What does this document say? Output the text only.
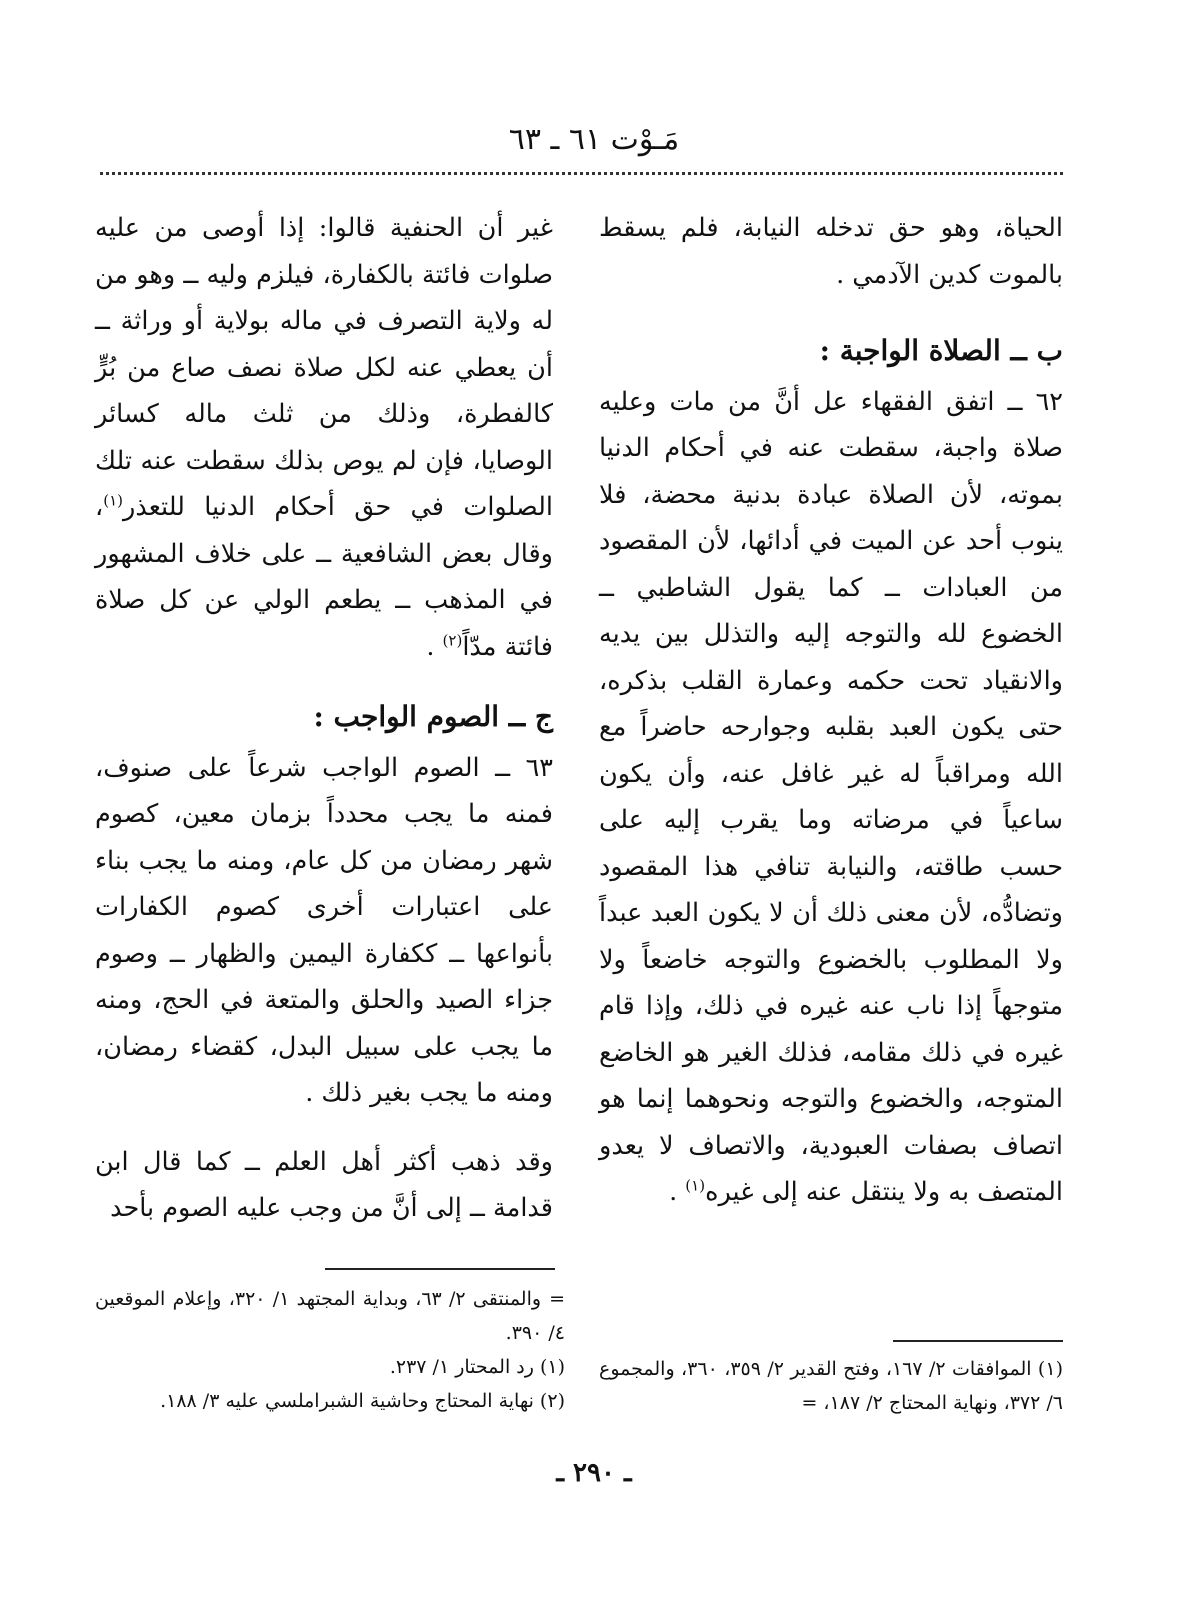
مَـوْت ٦١ ـ ٦٣

الحياة، وهو حق تدخله النيابة، فلم يسقط بالموت كدين الآدمي .

ب ــ الصلاة الواجبة :

٦٢ ــ اتفق الفقهاء عل أنَّ من مات وعليه صلاة واجبة، سقطت عنه في أحكام الدنيا بموته، لأن الصلاة عبادة بدنية محضة، فلا ينوب أحد عن الميت في أدائها، لأن المقصود من العبادات ــ كما يقول الشاطبي ــ الخضوع لله والتوجه إليه والتذلل بين يديه والانقياد تحت حكمه وعمارة القلب بذكره، حتى يكون العبد بقلبه وجوارحه حاضراً مع الله ومراقباً له غير غافل عنه، وأن يكون ساعياً في مرضاته وما يقرب إليه على حسب طاقته، والنيابة تنافي هذا المقصود وتضادُّه، لأن معنى ذلك أن لا يكون العبد عبداً ولا المطلوب بالخضوع والتوجه خاضعاً ولا متوجهاً إذا ناب عنه غيره في ذلك، وإذا قام غيره في ذلك مقامه، فذلك الغير هو الخاضع المتوجه، والخضوع والتوجه ونحوهما إنما هو اتصاف بصفات العبودية، والاتصاف لا يعدو المتصف به ولا ينتقل عنه إلى غيره$^{(١)}$ .

غير أن الحنفية قالوا: إذا أوصى من عليه صلوات فائتة بالكفارة، فيلزم وليه ــ وهو من له ولاية التصرف في ماله بولاية أو وراثة ــ أن يعطي عنه لكل صلاة نصف صاع من بُرٍّ كالفطرة، وذلك من ثلث ماله كسائر الوصايا، فإن لم يوص بذلك سقطت عنه تلك الصلوات في حق أحكام الدنيا للتعذر$^{(١)}$، وقال بعض الشافعية ــ على خلاف المشهور في المذهب ــ يطعم الولي عن كل صلاة فائتة مدّاً$^{(٢)}$ .

ج ــ الصوم الواجب :

٦٣ ــ الصوم الواجب شرعاً على صنوف، فمنه ما يجب محدداً بزمان معين، كصوم شهر رمضان من كل عام، ومنه ما يجب بناء على اعتبارات أخرى كصوم الكفارات بأنواعها ــ ككفارة اليمين والظهار ــ وصوم جزاء الصيد والحلق والمتعة في الحج، ومنه ما يجب على سبيل البدل، كقضاء رمضان، ومنه ما يجب بغير ذلك .

وقد ذهب أكثر أهل العلم ــ كما قال ابن قدامة ــ إلى أنَّ من وجب عليه الصوم بأحد

(١) الموافقات ٢/ ١٦٧، وفتح القدير ٢/ ٣٥٩، ٣٦٠، والمجموع ٦/ ٣٧٢، ونهاية المحتاج ٢/ ١٨٧، =

=والمنتقى ٢/ ٦٣، وبداية المجتهد ١/ ٣٢٠، وإعلام الموقعين ٤/ ٣٩٠.

(١) رد المحتار ١/ ٢٣٧.

(٢) نهاية المحتاج وحاشية الشبراملسي عليه ٣/ ١٨٨.

ـ ٢٩٠ ـ
